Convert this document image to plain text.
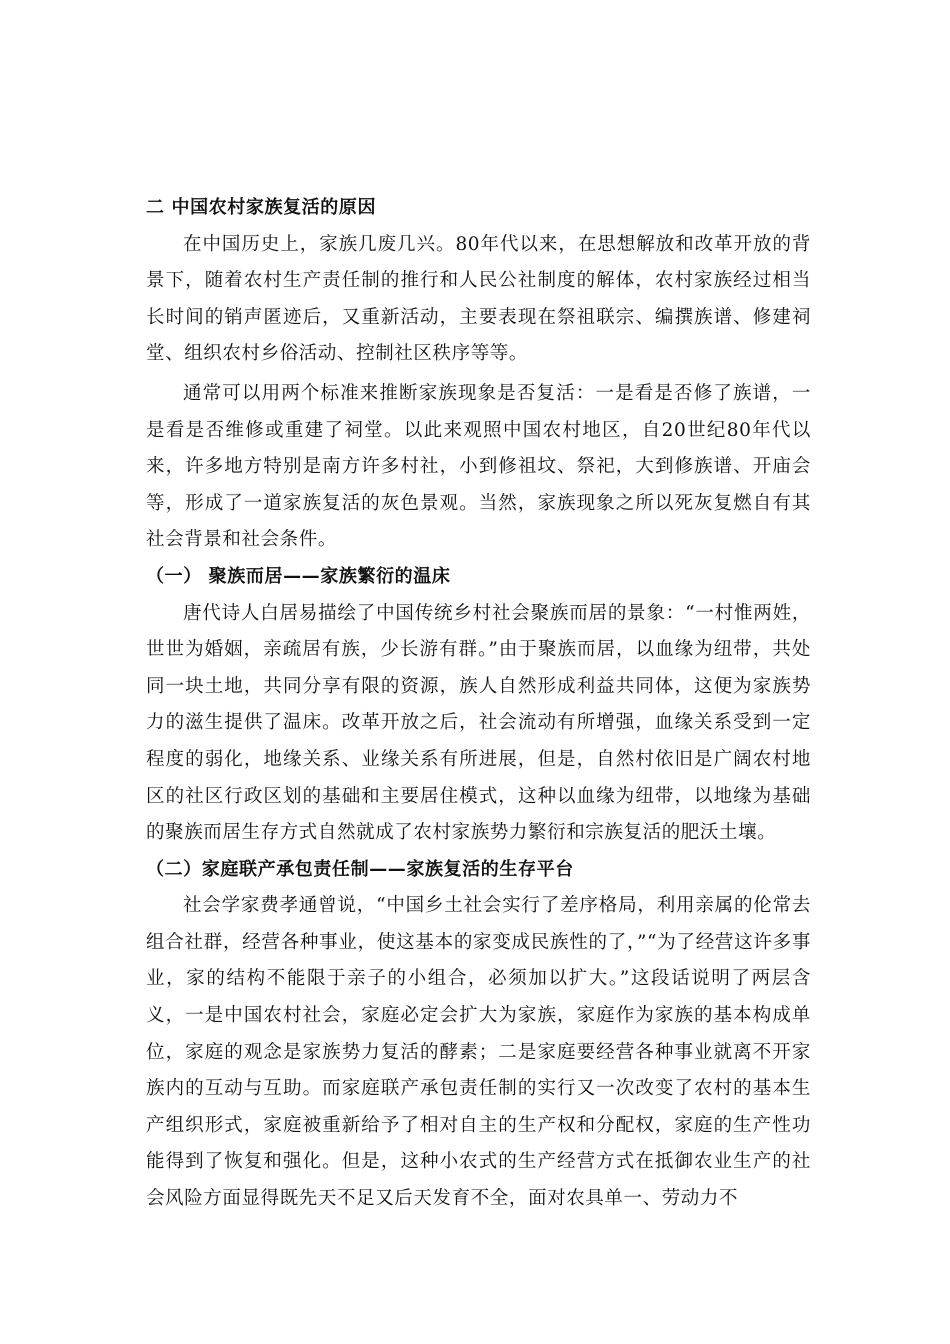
二 中国农村家族复活的原因

在中国历史上，家族几废几兴。80年代以来，在思想解放和改革开放的背景下，随着农村生产责任制的推行和人民公社制度的解体，农村家族经过相当长时间的销声匿迹后，又重新活动，主要表现在祭祖联宗、编撰族谱、修建祠堂、组织农村乡俗活动、控制社区秩序等等。

通常可以用两个标准来推断家族现象是否复活：一是看是否修了族谱，一是看是否维修或重建了祠堂。以此来观照中国农村地区，自20世纪80年代以来，许多地方特别是南方许多村社，小到修祖坟、祭祀，大到修族谱、开庙会等，形成了一道家族复活的灰色景观。当然，家族现象之所以死灰复燃自有其社会背景和社会条件。

（一） 聚族而居——家族繁衍的温床

唐代诗人白居易描绘了中国传统乡村社会聚族而居的景象：“一村惟两姓，世世为婚姻，亲疏居有族，少长游有群。”由于聚族而居，以血缘为纽带，共处同一块土地，共同分享有限的资源，族人自然形成利益共同体，这便为家族势力的滋生提供了温床。改革开放之后，社会流动有所增强，血缘关系受到一定程度的弱化，地缘关系、业缘关系有所进展，但是，自然村依旧是广阔农村地区的社区行政区划的基础和主要居住模式，这种以血缘为纽带，以地缘为基础的聚族而居生存方式自然就成了农村家族势力繁衍和宗族复活的肥沃土壤。

（二）家庭联产承包责任制——家族复活的生存平台

社会学家费孝通曾说，“中国乡土社会实行了差序格局，利用亲属的伦常去组合社群，经营各种事业，使这基本的家变成民族性的了，”“为了经营这许多事业，家的结构不能限于亲子的小组合，必须加以扩大。”这段话说明了两层含义，一是中国农村社会，家庭必定会扩大为家族，家庭作为家族的基本构成单位，家庭的观念是家族势力复活的酵素；二是家庭要经营各种事业就离不开家族内的互动与互助。而家庭联产承包责任制的实行又一次改变了农村的基本生产组织形式，家庭被重新给予了相对自主的生产权和分配权，家庭的生产性功能得到了恢复和强化。但是，这种小农式的生产经营方式在抵御农业生产的社会风险方面显得既先天不足又后天发育不全，面对农具单一、劳动力不
